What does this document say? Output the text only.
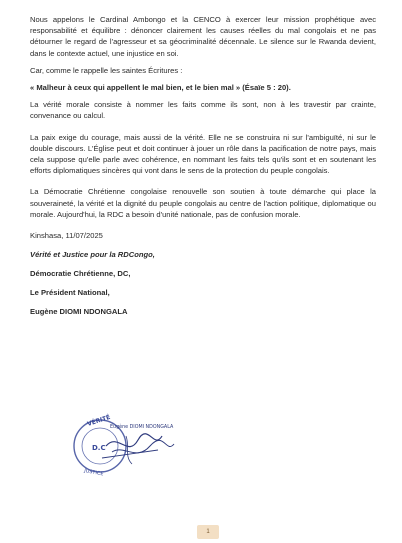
Nous appelons le Cardinal Ambongo et la CENCO à exercer leur mission prophétique avec responsabilité et équilibre : dénoncer clairement les causes réelles du mal congolais et ne pas détourner le regard de l'agresseur et sa géocriminalité décennale. Le silence sur le Rwanda devient, dans le contexte actuel, une injustice en soi.

Car, comme le rappelle les saintes Écritures :

« Malheur à ceux qui appellent le mal bien, et le bien mal » (Ésaïe 5 : 20).

La vérité morale consiste à nommer les faits comme ils sont, non à les travestir par crainte, convenance ou calcul.

La paix exige du courage, mais aussi de la vérité. Elle ne se construira ni sur l'ambiguïté, ni sur le double discours. L'Église peut et doit continuer à jouer un rôle dans la pacification de notre pays, mais cela suppose qu'elle parle avec cohérence, en nommant les faits tels qu'ils sont et en soutenant les efforts diplomatiques sincères qui vont dans le sens de la protection du peuple congolais.

La Démocratie Chrétienne congolaise renouvelle son soutien à toute démarche qui place la souveraineté, la vérité et la dignité du peuple congolais au centre de l'action politique, diplomatique ou morale. Aujourd'hui, la RDC a besoin d'unité nationale, pas de confusion morale.

Kinshasa, 11/07/2025

Vérité et Justice pour la RDCongo,

Démocratie Chrétienne, DC,

Le Président National,

Eugène DIOMI NDONGALA

VÉRITÉ
D.C
JUSTICE
Eugène DIOMI NDONGALA
1
